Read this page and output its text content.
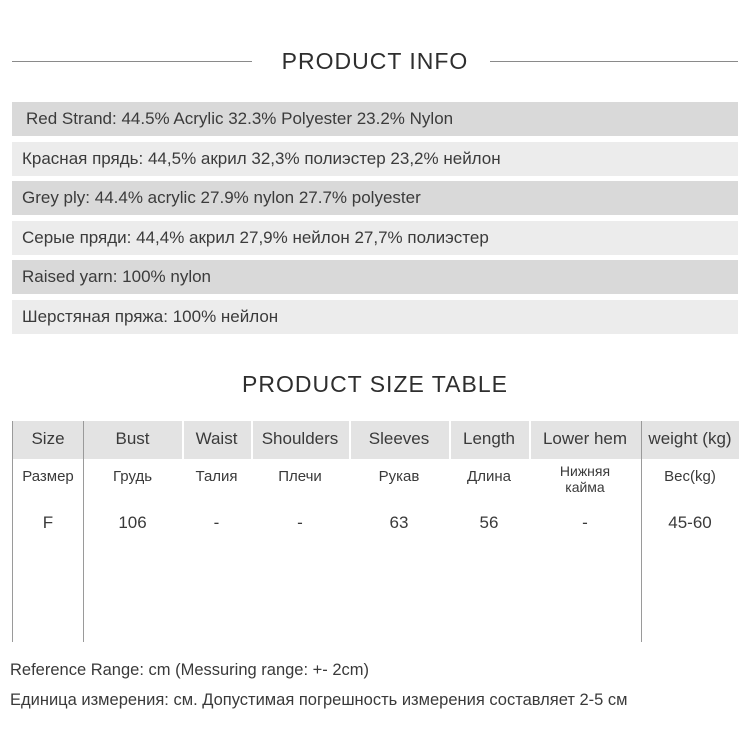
PRODUCT INFO
Red Strand: 44.5% Acrylic 32.3% Polyester 23.2% Nylon
Красная прядь: 44,5% акрил 32,3% полиэстер 23,2% нейлон
Grey ply: 44.4% acrylic 27.9% nylon 27.7% polyester
Серые пряди: 44,4% акрил 27,9% нейлон 27,7% полиэстер
Raised yarn: 100% nylon
Шерстяная пряжа: 100% нейлон
PRODUCT SIZE TABLE
Size
Размер
F
Bust
Грудь
106
Waist
Талия
-
Shoulders
Плечи
-
Sleeves
Рукав
63
Length
Длина
56
Lower hem
Нижняя
кайма
-
weight (kg)
Вес(kg)
45-60
Reference Range: cm (Messuring range: +- 2cm)
Единица измерения: см. Допустимая погрешность измерения составляет 2-5 см
